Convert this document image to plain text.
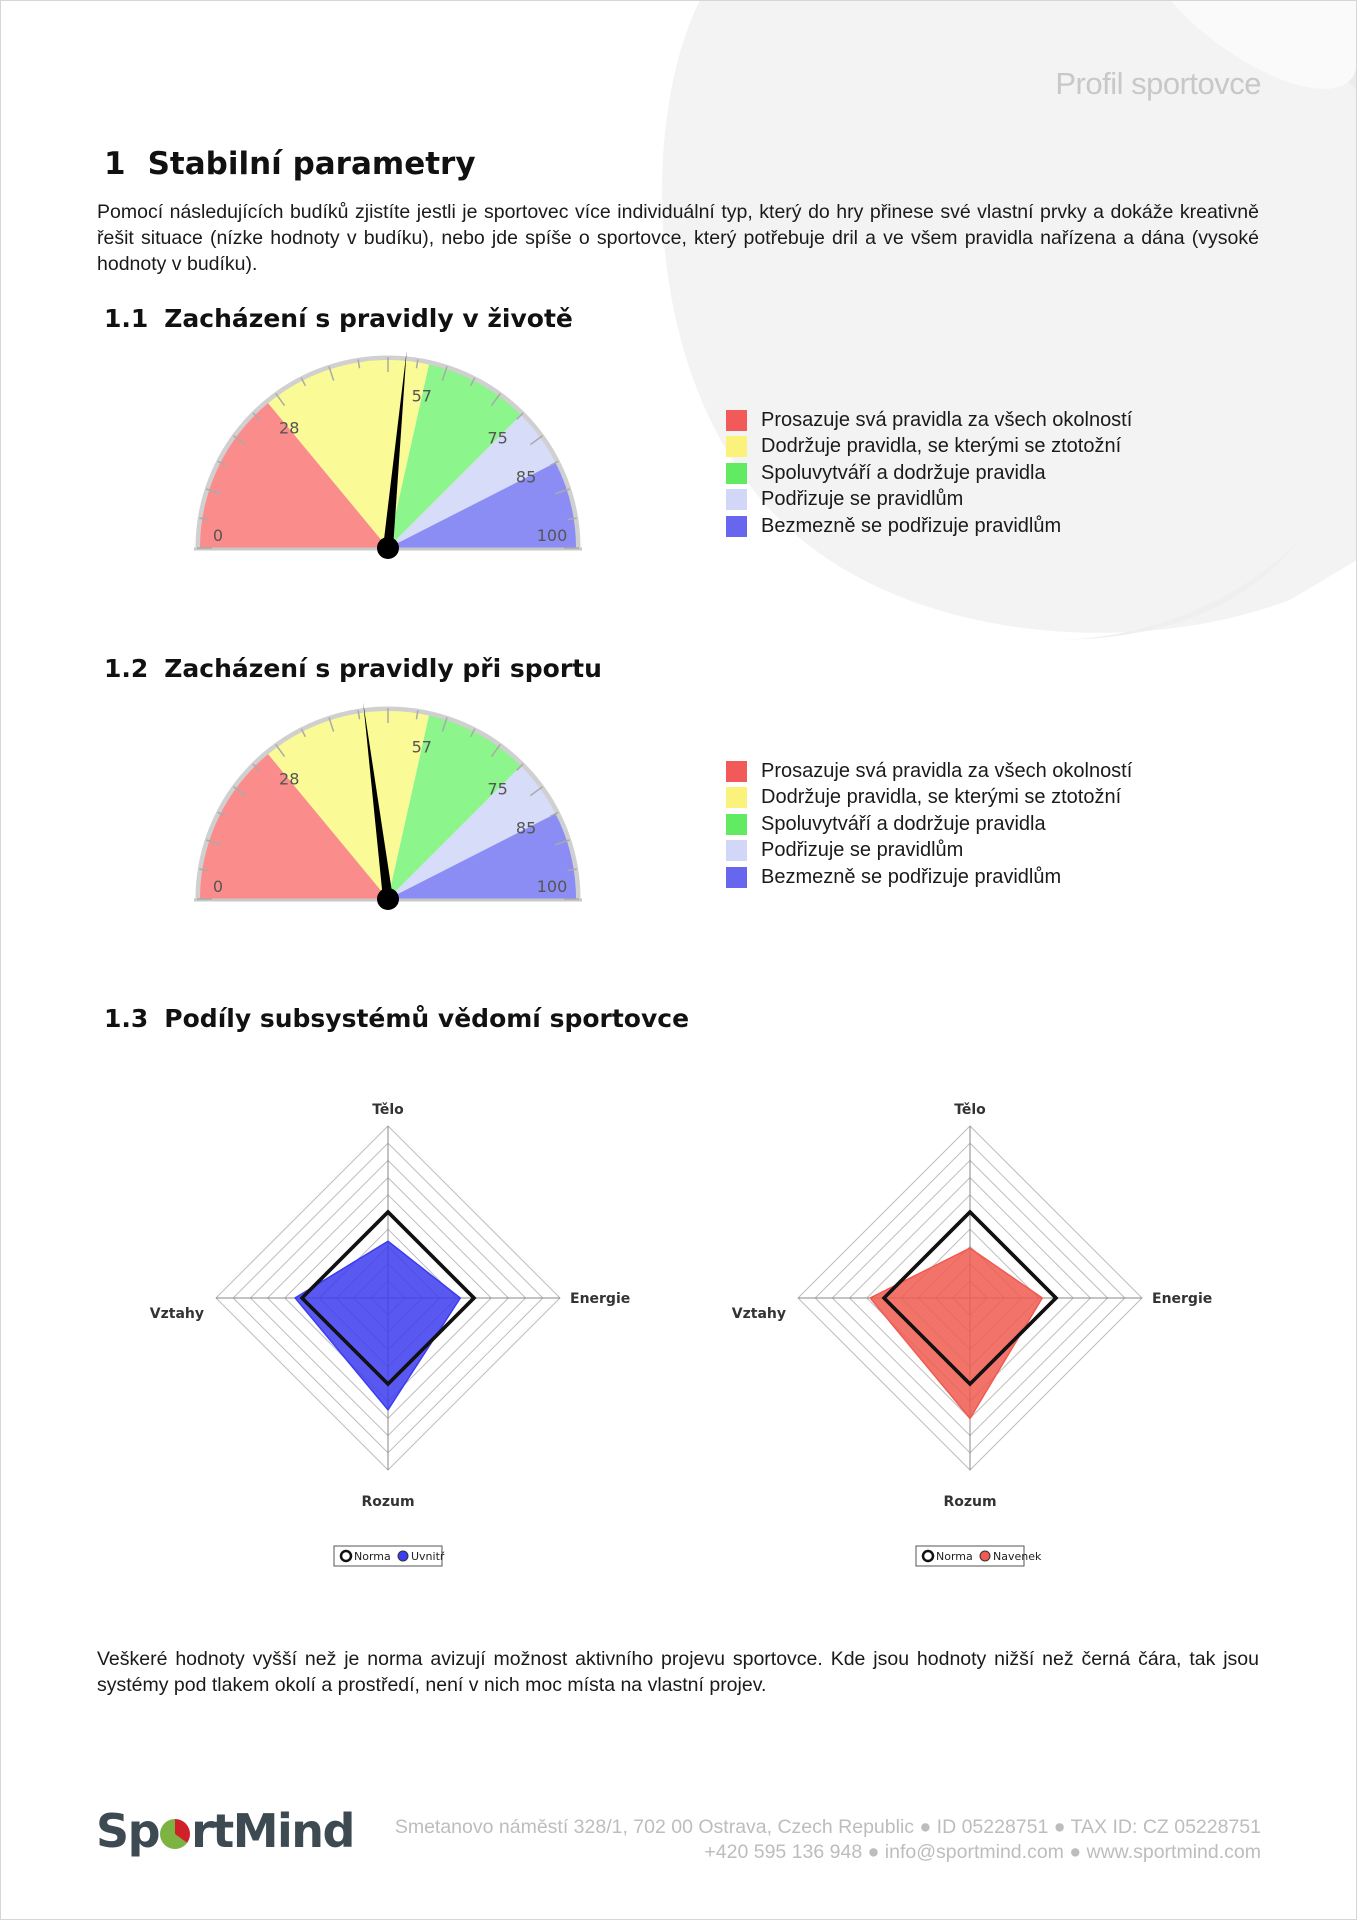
Profil sportovce
1 Stabilní parametry

Pomocí následujících budíků zjistíte jestli je sportovec více individuální typ, který do hry přinese své vlastní prvky a dokáže kreativně řešit situace (nízke hodnoty v budíku), nebo jde spíše o sportovce, který potřebuje dril a ve všem pravidla nařízena a dána (vysoké hodnoty v budíku).

1.1 Zacházení s pravidly v životě
0
28
57
75
85
100
Prosazuje svá pravidla za všech okolností
Dodržuje pravidla, se kterými se ztotožní
Spoluvytváří a dodržuje pravidla
Podřizuje se pravidlům
Bezmezně se podřizuje pravidlům
1.2 Zacházení s pravidly při sportu
0
28
57
75
85
100
Prosazuje svá pravidla za všech okolností
Dodržuje pravidla, se kterými se ztotožní
Spoluvytváří a dodržuje pravidla
Podřizuje se pravidlům
Bezmezně se podřizuje pravidlům
1.3 Podíly subsystémů vědomí sportovce
Tělo
Energie
Rozum
Vztahy
Norma Uvnitř
Tělo
Energie
Rozum
Vztahy
Norma Navenek

Veškeré hodnoty vyšší než je norma avizují možnost aktivního projevu sportovce. Kde jsou hodnoty nižší než černá čára, tak jsou systémy pod tlakem okolí a prostředí, není v nich moc místa na vlastní projev.

Sp rtMind	Smetanovo náměstí 328/1, 702 00 Ostrava, Czech Republic ● ID 05228751 ● TAX ID: CZ 05228751
+420 595 136 948 ● info@sportmind.com ● www.sportmind.com
